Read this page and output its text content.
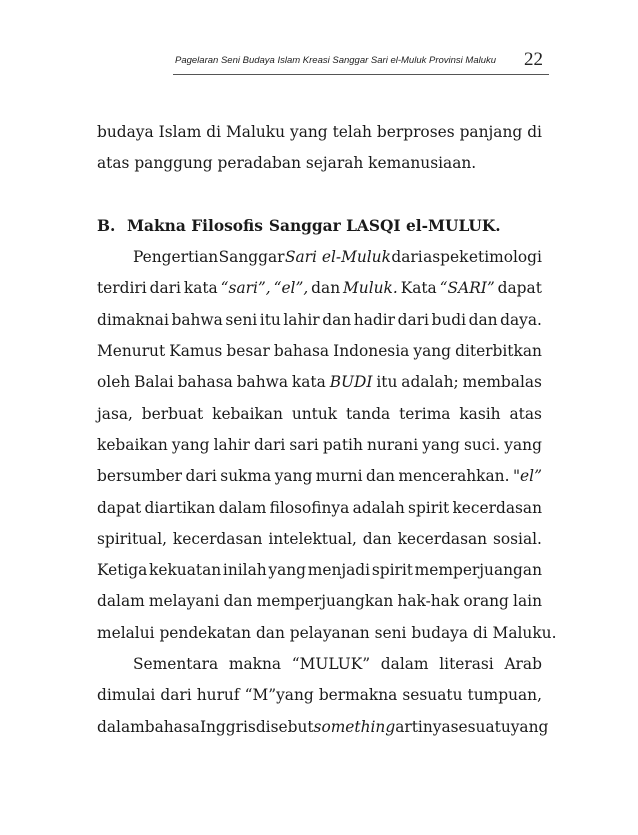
Pagelaran Seni Budaya Islam Kreasi Sanggar Sari el-Muluk Provinsi Maluku 22
budaya Islam di Maluku yang telah berproses panjang di
atas panggung peradaban sejarah kemanusiaan.
B. Makna Filosofis Sanggar LASQI el-MULUK.
Pengertian Sanggar Sari el-Muluk dari aspek etimologi
terdiri dari kata “sari”, “el”, dan Muluk. Kata “SARI” dapat
dimaknai bahwa seni itu lahir dan hadir dari budi dan daya.
Menurut Kamus besar bahasa Indonesia yang diterbitkan
oleh Balai bahasa bahwa kata BUDI itu adalah; membalas
jasa, berbuat kebaikan untuk tanda terima kasih atas
kebaikan yang lahir dari sari patih nurani yang suci. yang
bersumber dari sukma yang murni dan mencerahkan. "el”
dapat diartikan dalam filosofinya adalah spirit kecerdasan
spiritual, kecerdasan intelektual, dan kecerdasan sosial.
Ketiga kekuatan inilah yang menjadi spirit memperjuangan
dalam melayani dan memperjuangkan hak-hak orang lain
melalui pendekatan dan pelayanan seni budaya di Maluku.
Sementara makna “MULUK” dalam literasi Arab
dimulai dari huruf “M”yang bermakna sesuatu tumpuan,
dalam bahasa Inggris disebut something artinya sesuatu yang
